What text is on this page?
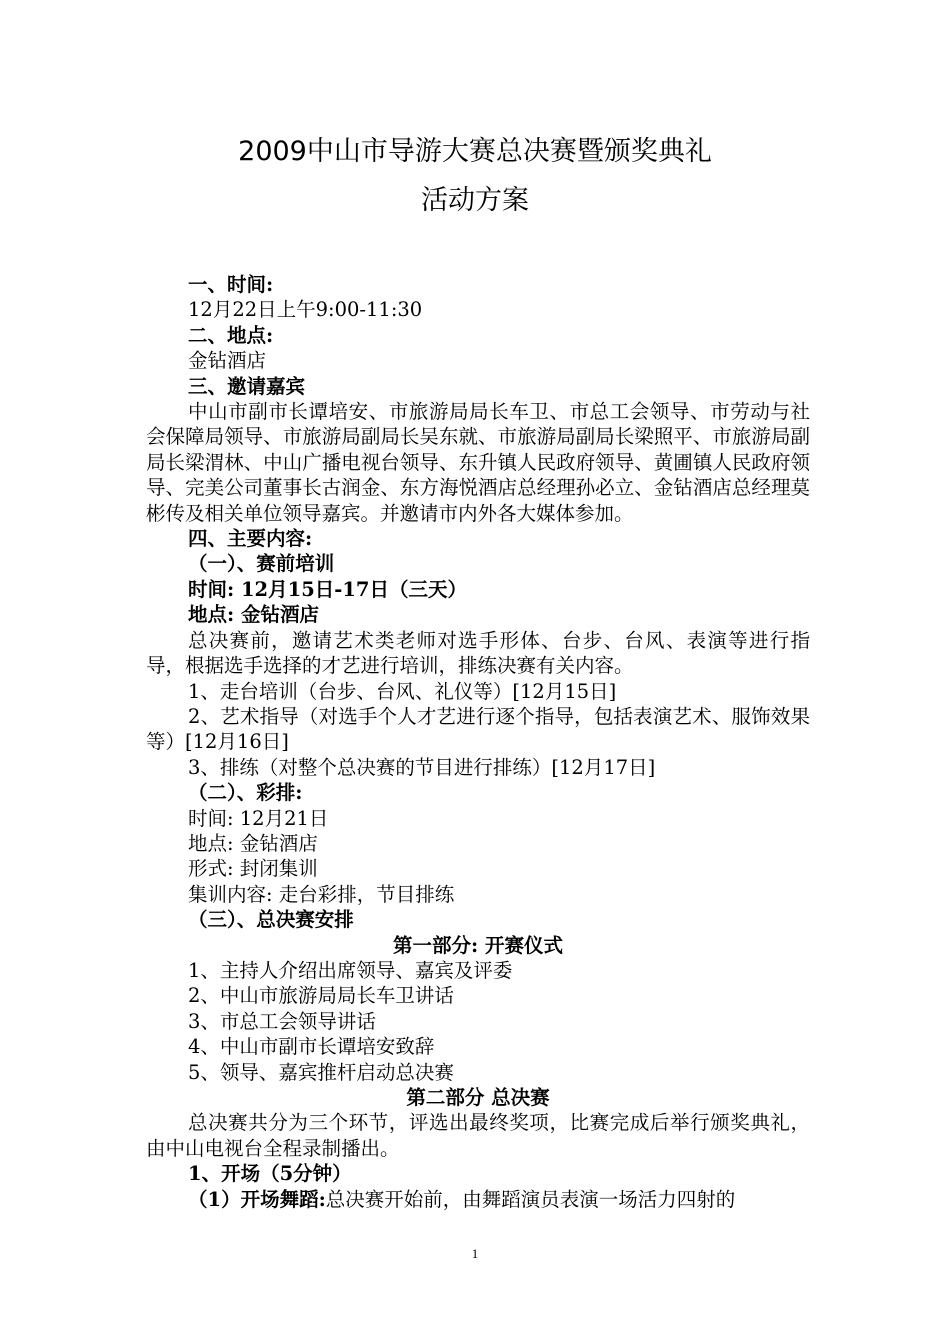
2009中山市导游大赛总决赛暨颁奖典礼
活动方案

一、时间:

12月22日上午9:00-11:30

二、地点:

金钻酒店

三、邀请嘉宾

中山市副市长谭培安、市旅游局局长车卫、市总工会领导、市劳动与社会保障局领导、市旅游局副局长吴东就、市旅游局副局长梁照平、市旅游局副局长梁渭林、中山广播电视台领导、东升镇人民政府领导、黄圃镇人民政府领导、完美公司董事长古润金、东方海悦酒店总经理孙必立、金钻酒店总经理莫彬传及相关单位领导嘉宾。并邀请市内外各大媒体参加。

四、主要内容:

（一）、赛前培训

时间: 12月15日-17日（三天）

地点: 金钻酒店

总决赛前，邀请艺术类老师对选手形体、台步、台风、表演等进行指导，根据选手选择的才艺进行培训，排练决赛有关内容。

1、走台培训（台步、台风、礼仪等）[12月15日]

2、艺术指导（对选手个人才艺进行逐个指导，包括表演艺术、服饰效果等）[12月16日]

3、排练（对整个总决赛的节目进行排练）[12月17日]

（二）、彩排:

时间: 12月21日

地点: 金钻酒店

形式: 封闭集训

集训内容: 走台彩排，节目排练

（三）、总决赛安排

第一部分: 开赛仪式

1、主持人介绍出席领导、嘉宾及评委

2、中山市旅游局局长车卫讲话

3、市总工会领导讲话

4、中山市副市长谭培安致辞

5、领导、嘉宾推杆启动总决赛

第二部分 总决赛

总决赛共分为三个环节，评选出最终奖项，比赛完成后举行颁奖典礼，由中山电视台全程录制播出。

1、开场（5分钟）

（1）开场舞蹈:总决赛开始前，由舞蹈演员表演一场活力四射的

1
